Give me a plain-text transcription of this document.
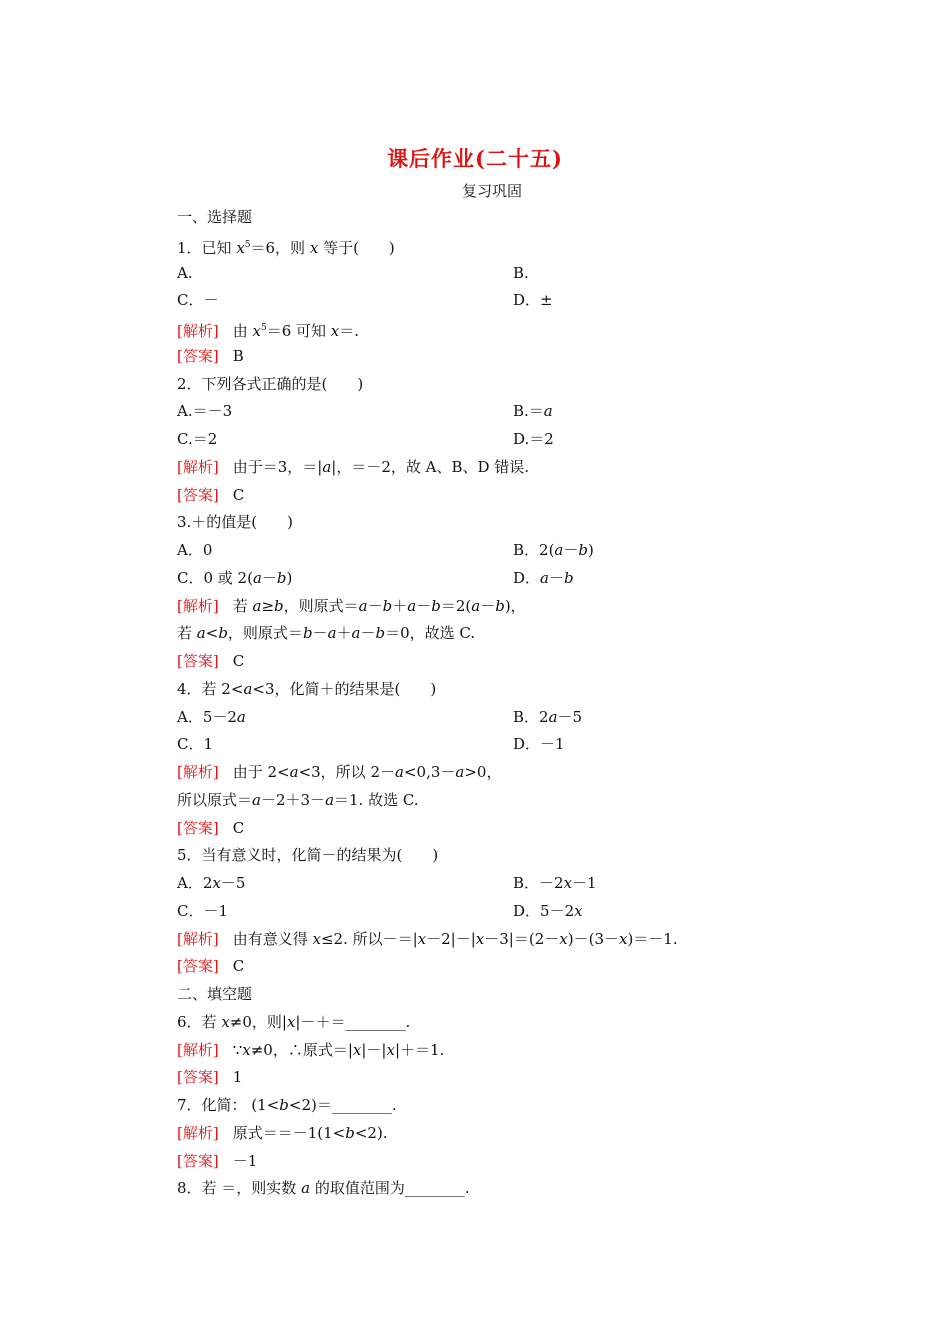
课后作业(二十五)
复习巩固
一、选择题
1．已知 $x^5=6$，则 x 等于(　　)
A.	B.
C．－	D．±
[解析] 由 $x^5=6$ 可知 x＝.
[答案] B
2．下列各式正确的是(　　)
A.＝－3	B.＝a
C.＝2	D.＝2
[解析] 由于＝3，＝|a|，＝－2，故 A、B、D 错误.
[答案] C
3.＋的值是(　　)
A．0	B．2(a－b)
C．0 或 2(a－b)	D．a－b
[解析] 若 a≥b，则原式＝a－b＋a－b＝2(a－b)，
若 a<b，则原式＝b－a＋a－b＝0，故选 C.
[答案] C
4．若 2<a<3，化简＋的结果是(　　)
A．5－2a	B．2a－5
C．1	D．－1
[解析] 由于 2<a<3，所以 2－a<0,3－a>0，
所以原式＝a－2＋3－a＝1. 故选 C.
[答案] C
5．当有意义时，化简－的结果为(　　)
A．2x－5	B．－2x－1
C．－1	D．5－2x
[解析] 由有意义得 x≤2. 所以－＝|x－2|－|x－3|＝(2－x)－(3－x)＝－1.
[答案] C
二、填空题
6．若 x≠0，则|x|－＋＝________.
[解析] ∵x≠0，∴原式＝|x|－|x|＋＝1.
[答案] 1
7．化简： (1<b<2)＝________.
[解析] 原式＝＝－1(1<b<2).
[答案] －1
8．若 ＝，则实数 a 的取值范围为________.
